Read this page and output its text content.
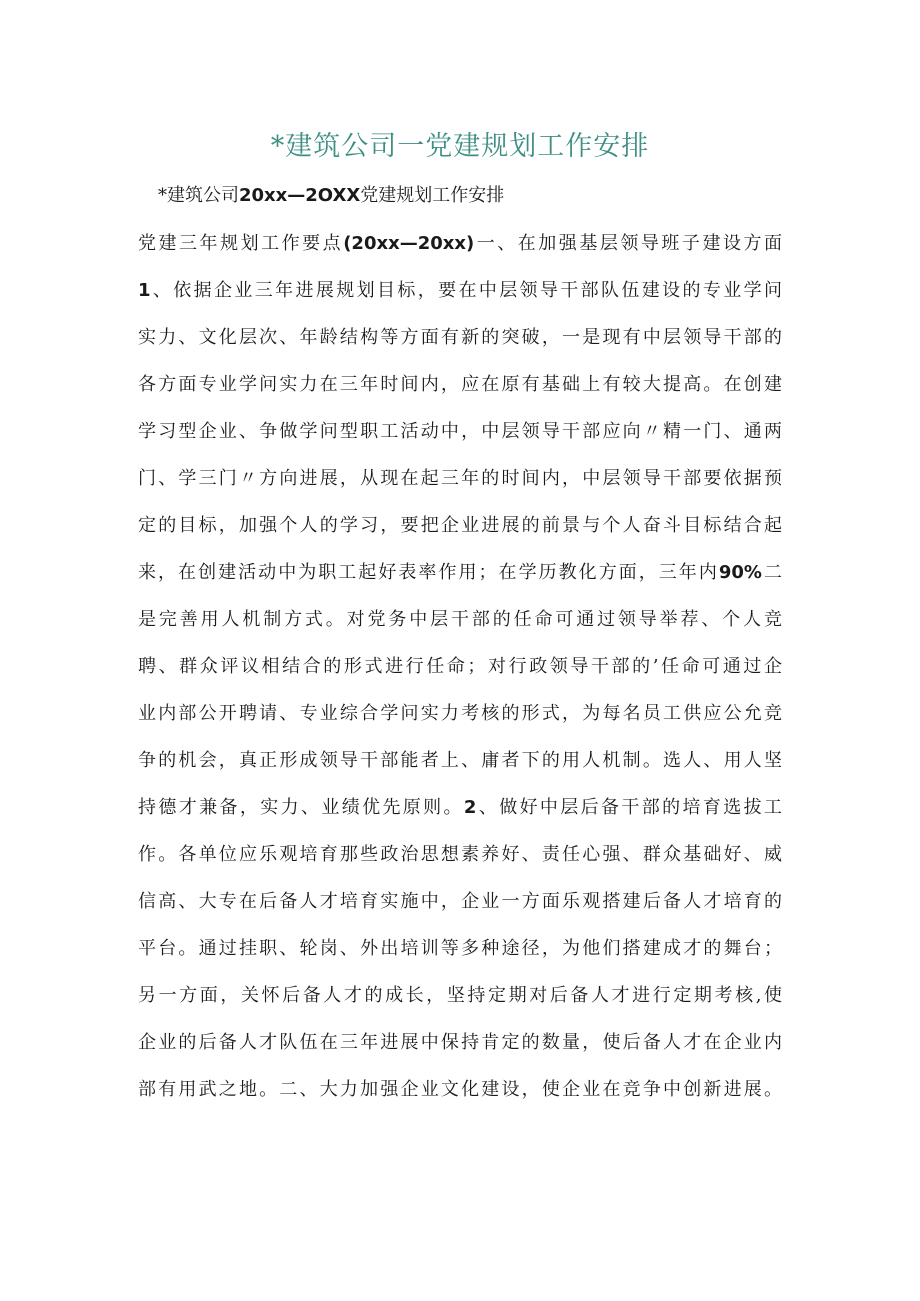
*建筑公司一党建规划工作安排
*建筑公司20xx—2OXX党建规划工作安排
党建三年规划工作要点(20xx—20xx)一、在加强基层领导班子建设方面
1、依据企业三年进展规划目标，要在中层领导干部队伍建设的专业学问
实力、文化层次、年龄结构等方面有新的突破，一是现有中层领导干部的
各方面专业学问实力在三年时间内，应在原有基础上有较大提高。在创建
学习型企业、争做学问型职工活动中，中层领导干部应向〃精一门、通两
门、学三门〃方向进展，从现在起三年的时间内，中层领导干部要依据预
定的目标，加强个人的学习，要把企业进展的前景与个人奋斗目标结合起
来，在创建活动中为职工起好表率作用；在学历教化方面，三年内90%二
是完善用人机制方式。对党务中层干部的任命可通过领导举荐、个人竞
聘、群众评议相结合的形式进行任命；对行政领导干部的’任命可通过企
业内部公开聘请、专业综合学问实力考核的形式，为每名员工供应公允竞
争的机会，真正形成领导干部能者上、庸者下的用人机制。选人、用人坚
持德才兼备，实力、业绩优先原则。2、做好中层后备干部的培育选拔工
作。各单位应乐观培育那些政治思想素养好、责任心强、群众基础好、威
信高、大专在后备人才培育实施中，企业一方面乐观搭建后备人才培育的
平台。通过挂职、轮岗、外出培训等多种途径，为他们搭建成才的舞台；
另一方面，关怀后备人才的成长，坚持定期对后备人才进行定期考核,使
企业的后备人才队伍在三年进展中保持肯定的数量，使后备人才在企业内
部有用武之地。二、大力加强企业文化建设，使企业在竞争中创新进展。
